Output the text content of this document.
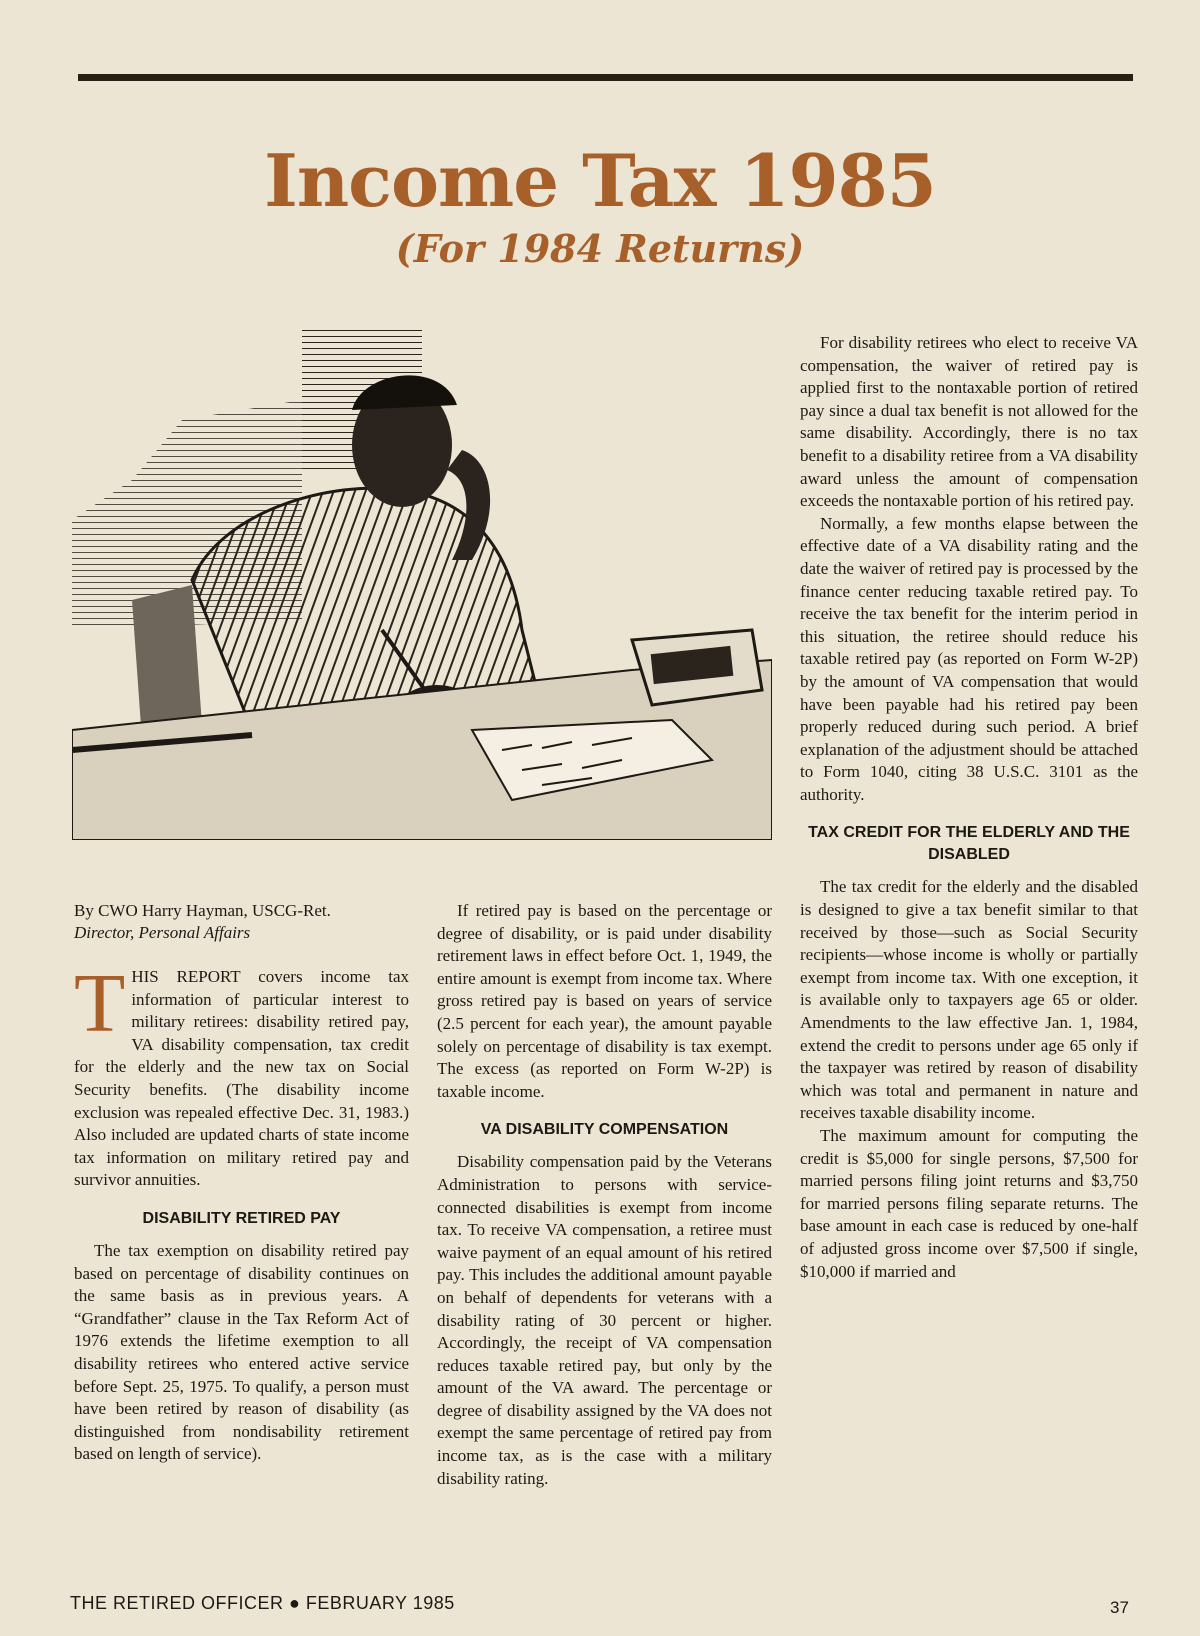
Income Tax 1985
(For 1984 Returns)
By CWO Harry Hayman, USCG-Ret.
Director, Personal Affairs

THIS REPORT covers income tax information of particular interest to military retirees: disability retired pay, VA disability compensation, tax credit for the elderly and the new tax on Social Security benefits. (The disability income exclusion was repealed effective Dec. 31, 1983.) Also included are updated charts of state income tax information on military retired pay and survivor annuities.

DISABILITY RETIRED PAY

The tax exemption on disability retired pay based on percentage of disability continues on the same basis as in previous years. A “Grandfather” clause in the Tax Reform Act of 1976 extends the lifetime exemption to all disability retirees who entered active service before Sept. 25, 1975. To qualify, a person must have been retired by reason of disability (as distinguished from nondisability retirement based on length of service).

If retired pay is based on the percentage or degree of disability, or is paid under disability retirement laws in effect before Oct. 1, 1949, the entire amount is exempt from income tax. Where gross retired pay is based on years of service (2.5 percent for each year), the amount payable solely on percentage of disability is tax exempt. The excess (as reported on Form W-2P) is taxable income.

VA DISABILITY COMPENSATION

Disability compensation paid by the Veterans Administration to persons with service-connected disabilities is exempt from income tax. To receive VA compensation, a retiree must waive payment of an equal amount of his retired pay. This includes the additional amount payable on behalf of dependents for veterans with a disability rating of 30 percent or higher. Accordingly, the receipt of VA compensation reduces taxable retired pay, but only by the amount of the VA award. The percentage or degree of disability assigned by the VA does not exempt the same percentage of retired pay from income tax, as is the case with a military disability rating.

For disability retirees who elect to receive VA compensation, the waiver of retired pay is applied first to the nontaxable portion of retired pay since a dual tax benefit is not allowed for the same disability. Accordingly, there is no tax benefit to a disability retiree from a VA disability award unless the amount of compensation exceeds the nontaxable portion of his retired pay.

Normally, a few months elapse between the effective date of a VA disability rating and the date the waiver of retired pay is processed by the finance center reducing taxable retired pay. To receive the tax benefit for the interim period in this situation, the retiree should reduce his taxable retired pay (as reported on Form W-2P) by the amount of VA compensation that would have been payable had his retired pay been properly reduced during such period. A brief explanation of the adjustment should be attached to Form 1040, citing 38 U.S.C. 3101 as the authority.

TAX CREDIT FOR THE ELDERLY AND THE DISABLED

The tax credit for the elderly and the disabled is designed to give a tax benefit similar to that received by those—such as Social Security recipients—whose income is wholly or partially exempt from income tax. With one exception, it is available only to taxpayers age 65 or older. Amendments to the law effective Jan. 1, 1984, extend the credit to persons under age 65 only if the taxpayer was retired by reason of disability which was total and permanent in nature and receives taxable disability income.

The maximum amount for computing the credit is $5,000 for single persons, $7,500 for married persons filing joint returns and $3,750 for married persons filing separate returns. The base amount in each case is reduced by one-half of adjusted gross income over $7,500 if single, $10,000 if married and

THE RETIRED OFFICER ● FEBRUARY 1985	37
